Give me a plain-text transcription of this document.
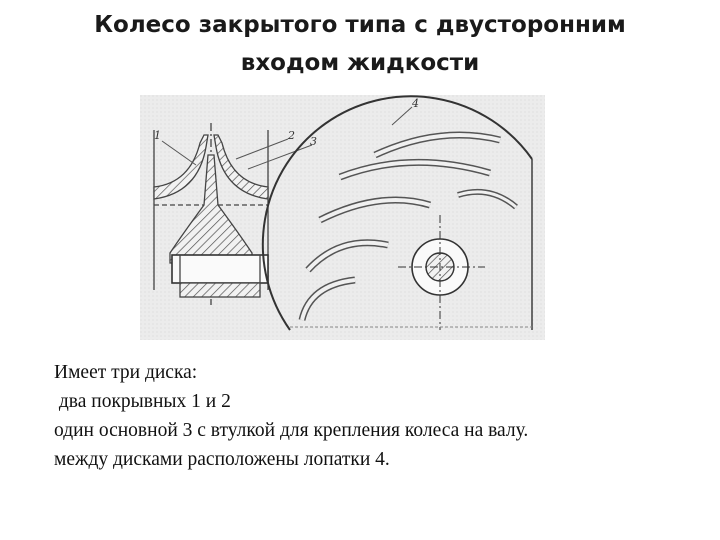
Колесо закрытого типа с двусторонним
входом жидкости
1	2 3
4
Имеет три диска:
два покрывных 1 и 2
один основной 3 с втулкой для крепления колеса на валу.
между дисками расположены лопатки 4.
